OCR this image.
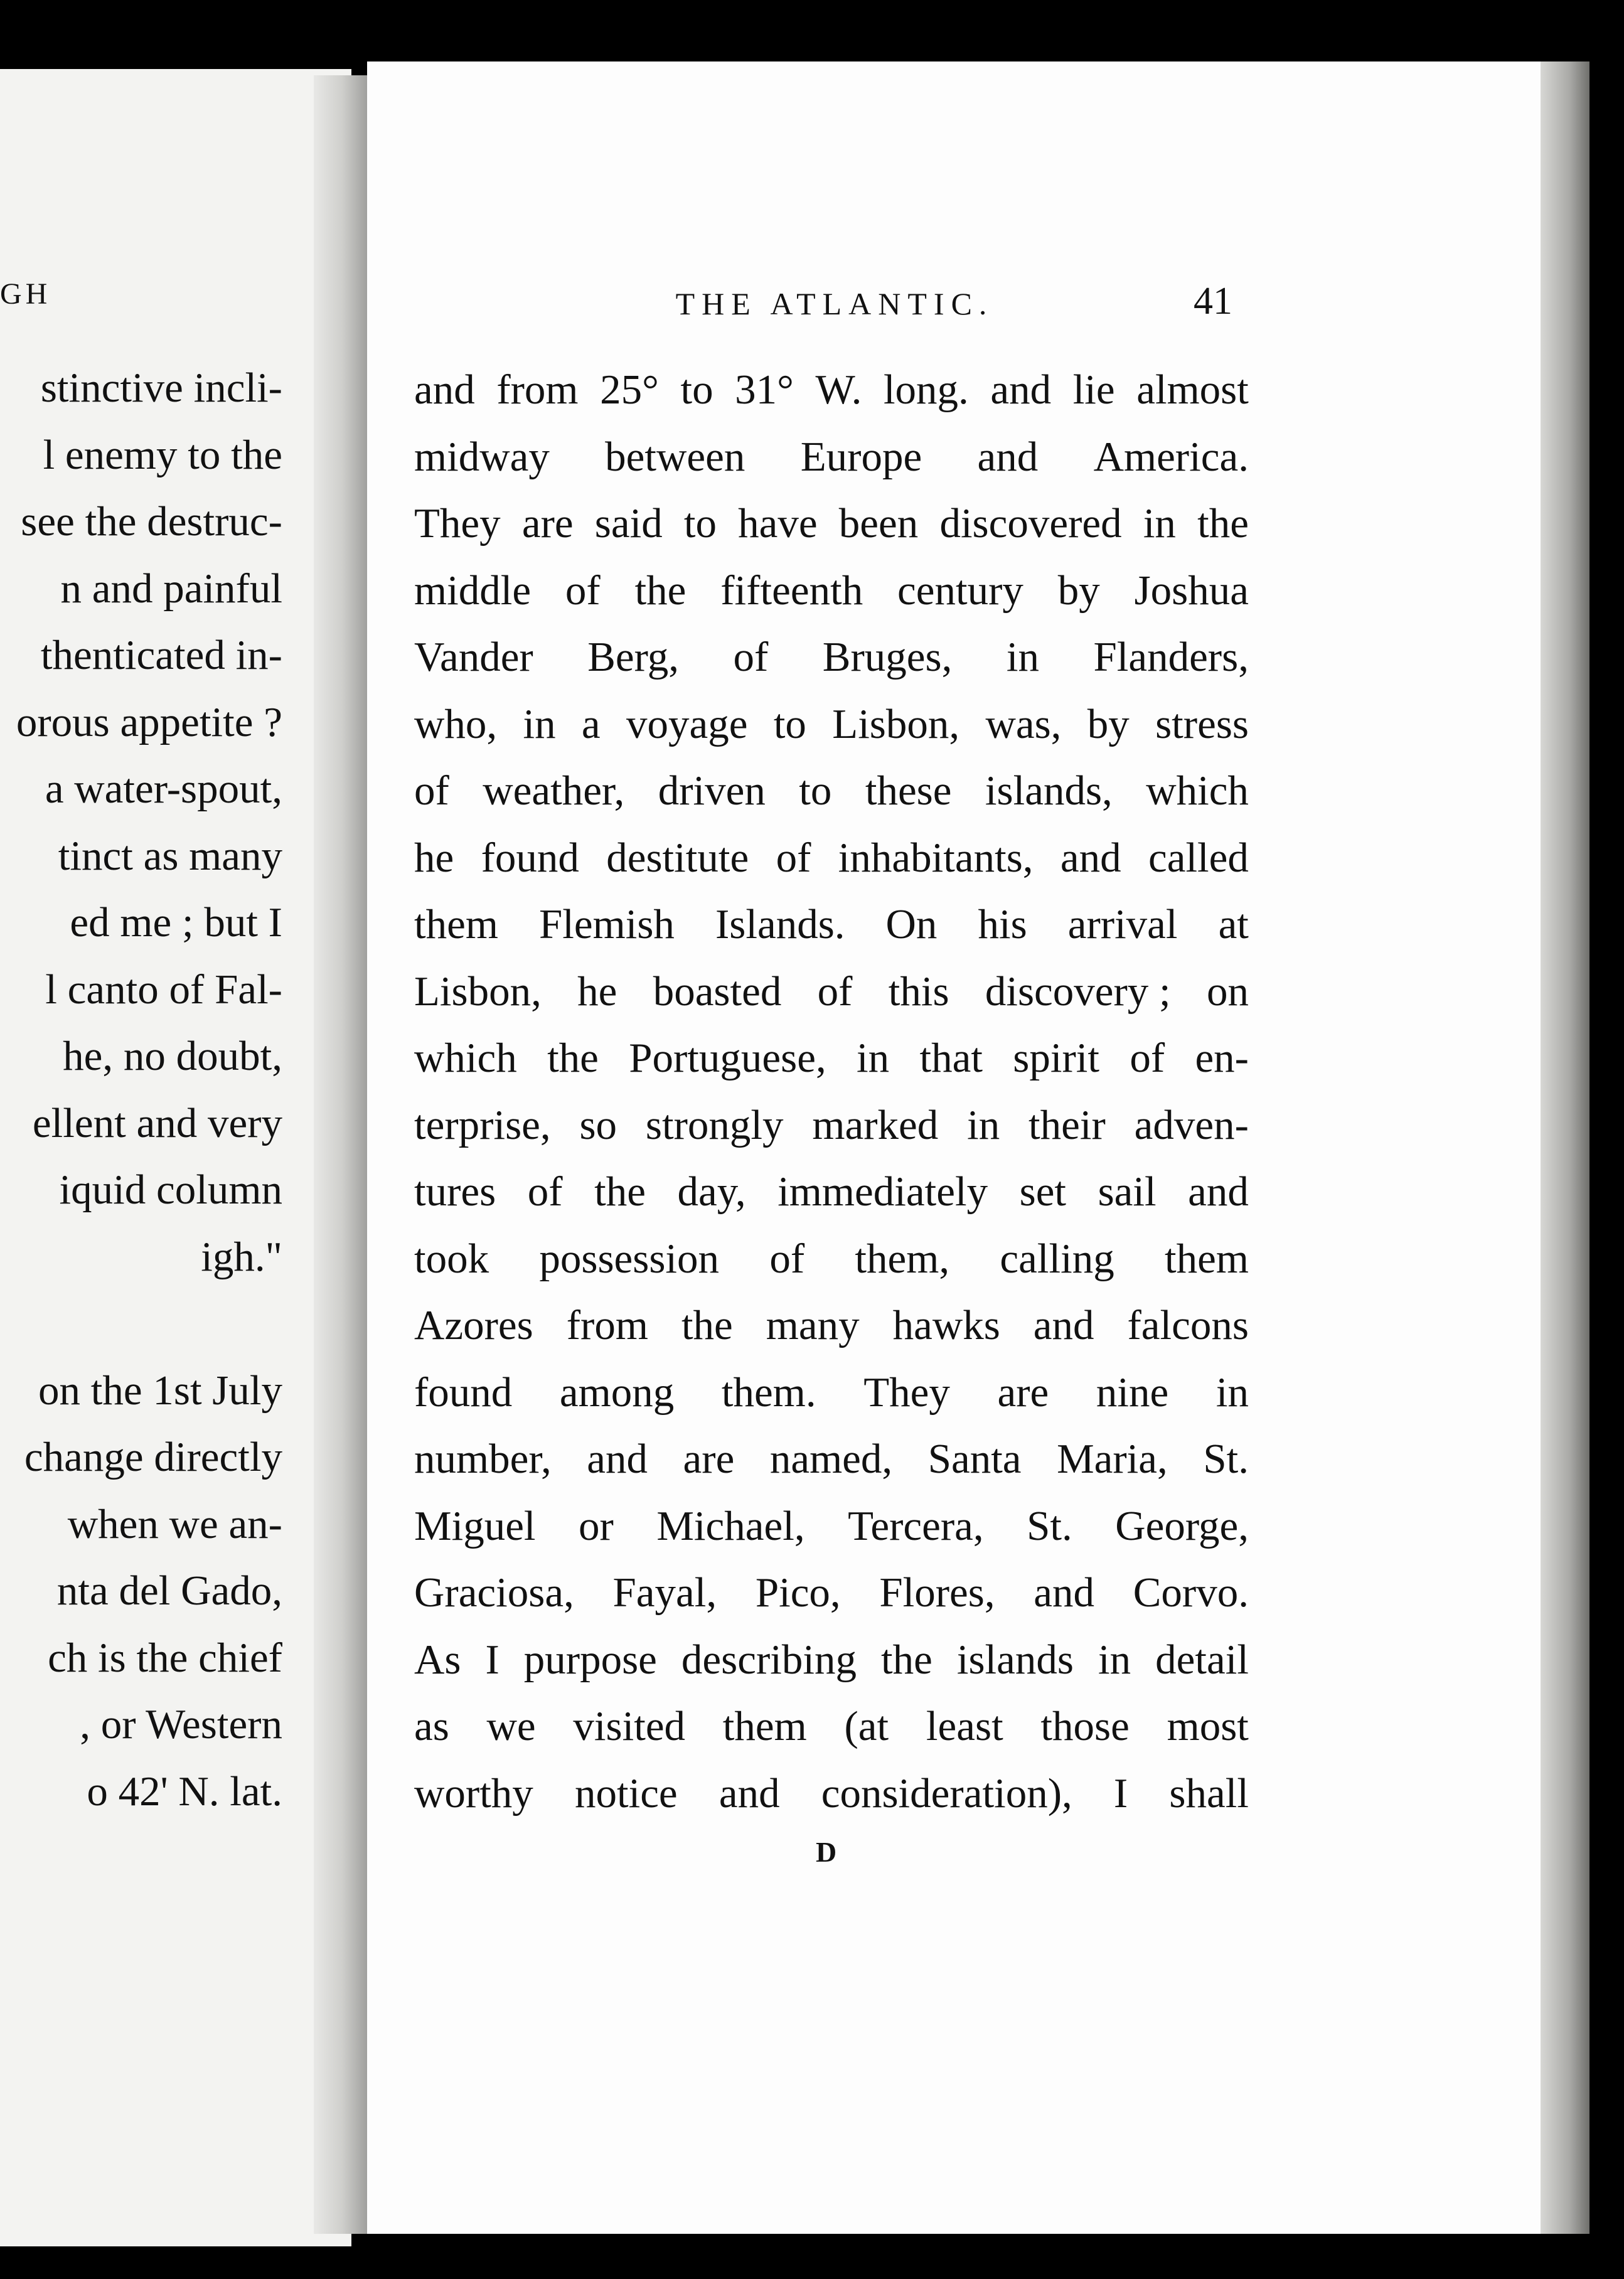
GH
stinctive incli-
l enemy to the
see the destruc-
n and painful
thenticated in-
orous appetite ?
a water-spout,
tinct as many
ed me ; but I
l canto of Fal-
he, no doubt,
ellent and very
iquid column
igh."
on the 1st July
change directly
when we an-
nta del Gado,
ch is the chief
, or Western
o 42' N. lat.
THE ATLANTIC.	41
and from 25° to 31° W. long. and lie almost
midway between Europe and America.
They are said to have been discovered in the
middle of the fifteenth century by Joshua
Vander Berg, of Bruges, in Flanders,
who, in a voyage to Lisbon, was, by stress
of weather, driven to these islands, which
he found destitute of inhabitants, and called
them Flemish Islands. On his arrival at
Lisbon, he boasted of this discovery ; on
which the Portuguese, in that spirit of en-
terprise, so strongly marked in their adven-
tures of the day, immediately set sail and
took possession of them, calling them
Azores from the many hawks and falcons
found among them. They are nine in
number, and are named, Santa Maria, St.
Miguel or Michael, Tercera, St. George,
Graciosa, Fayal, Pico, Flores, and Corvo.
As I purpose describing the islands in detail
as we visited them (at least those most
worthy notice and consideration), I shall
D
